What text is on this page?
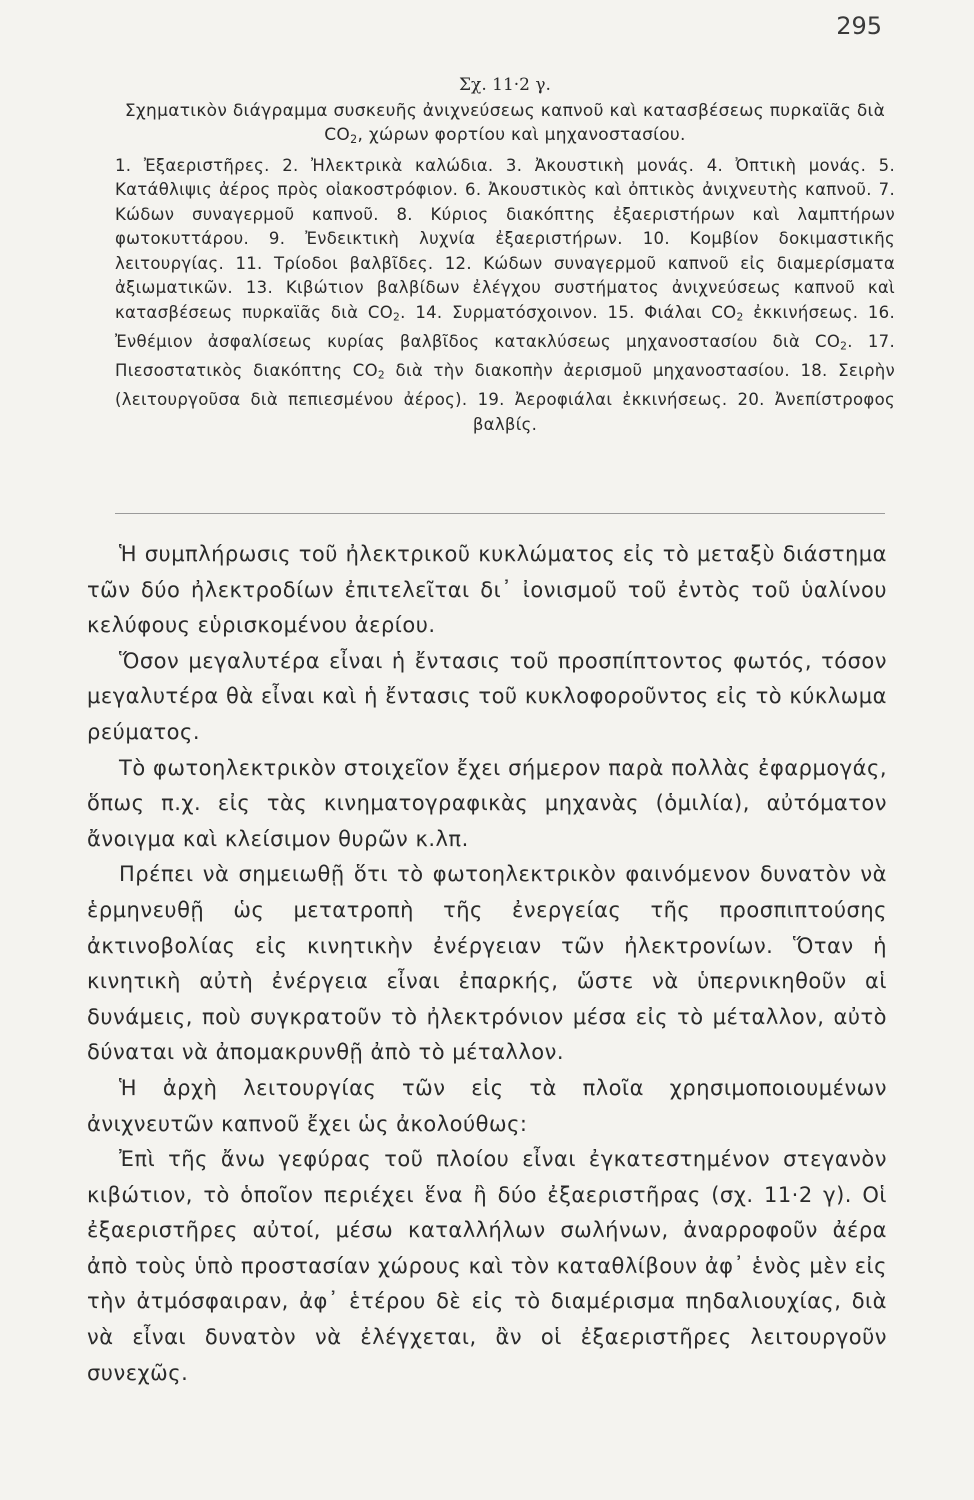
295
Σχ. 11·2 γ.
Σχηματικὸν διάγραμμα συσκευῆς ἀνιχνεύσεως καπνοῦ καὶ κατασβέσεως πυρκαϊᾶς διὰ $CO_2$, χώρων φορτίου καὶ μηχανοστασίου.
1. Ἐξαεριστῆρες. 2. Ἠλεκτρικὰ καλώδια. 3. Ἀκουστικὴ μονάς. 4. Ὀπτικὴ μονάς. 5. Κατάθλιψις ἀέρος πρὸς οἰακοστρόφιον. 6. Ἀκουστικὸς καὶ ὀπτικὸς ἀνιχνευτὴς καπνοῦ. 7. Κώδων συναγερμοῦ καπνοῦ. 8. Κύριος διακόπτης ἐξαεριστήρων καὶ λαμπτήρων φωτοκυττάρου. 9. Ἐνδεικτικὴ λυχνία ἐξαεριστήρων. 10. Κομβίον δοκιμαστικῆς λειτουργίας. 11. Τρίοδοι βαλβῖδες. 12. Κώδων συναγερμοῦ καπνοῦ εἰς διαμερίσματα ἀξιωματικῶν. 13. Κιβώτιον βαλβίδων ἐλέγχου συστήματος ἀνιχνεύσεως καπνοῦ καὶ κατασβέσεως πυρκαϊᾶς διὰ $CO_2$. 14. Συρματόσχοινον. 15. Φιάλαι $CO_2$ ἐκκινήσεως. 16. Ἐνθέμιον ἀσφαλίσεως κυρίας βαλβῖδος κατακλύσεως μηχανοστασίου διὰ $CO_2$. 17. Πιεσοστατικὸς διακόπτης $CO_2$ διὰ τὴν διακοπὴν ἀερισμοῦ μηχανοστασίου. 18. Σειρὴν (λειτουργοῦσα διὰ πεπιεσμένου ἀέρος). 19. Ἀεροφιάλαι ἐκκινήσεως. 20. Ἀνεπίστροφος βαλβίς.

Ἡ συμπλήρωσις τοῦ ἠλεκτρικοῦ κυκλώματος εἰς τὸ μεταξὺ διάστημα τῶν δύο ἠλεκτροδίων ἐπιτελεῖται δι᾽ ἰονισμοῦ τοῦ ἐντὸς τοῦ ὑαλίνου κελύφους εὑρισκομένου ἀερίου.

Ὅσον μεγαλυτέρα εἶναι ἡ ἔντασις τοῦ προσπίπτοντος φωτός, τόσον μεγαλυτέρα θὰ εἶναι καὶ ἡ ἔντασις τοῦ κυκλοφοροῦντος εἰς τὸ κύκλωμα ρεύματος.

Τὸ φωτοηλεκτρικὸν στοιχεῖον ἔχει σήμερον παρὰ πολλὰς ἐφαρμογάς, ὅπως π.χ. εἰς τὰς κινηματογραφικὰς μηχανὰς (ὁμιλία), αὐτόματον ἄνοιγμα καὶ κλείσιμον θυρῶν κ.λπ.

Πρέπει νὰ σημειωθῇ ὅτι τὸ φωτοηλεκτρικὸν φαινόμενον δυνατὸν νὰ ἑρμηνευθῇ ὡς μετατροπὴ τῆς ἐνεργείας τῆς προσπιπτούσης ἀκτινοβολίας εἰς κινητικὴν ἐνέργειαν τῶν ἠλεκτρονίων. Ὅταν ἡ κινητικὴ αὐτὴ ἐνέργεια εἶναι ἐπαρκής, ὥστε νὰ ὑπερνικηθοῦν αἱ δυνάμεις, ποὺ συγκρατοῦν τὸ ἠλεκτρόνιον μέσα εἰς τὸ μέταλλον, αὐτὸ δύναται νὰ ἀπομακρυνθῇ ἀπὸ τὸ μέταλλον.

Ἡ ἀρχὴ λειτουργίας τῶν εἰς τὰ πλοῖα χρησιμοποιουμένων ἀνιχνευτῶν καπνοῦ ἔχει ὡς ἀκολούθως:

Ἐπὶ τῆς ἄνω γεφύρας τοῦ πλοίου εἶναι ἐγκατεστημένον στεγανὸν κιβώτιον, τὸ ὁποῖον περιέχει ἕνα ἢ δύο ἐξαεριστῆρας (σχ. 11·2 γ). Οἱ ἐξαεριστῆρες αὐτοί, μέσω καταλλήλων σωλήνων, ἀναρροφοῦν ἀέρα ἀπὸ τοὺς ὑπὸ προστασίαν χώρους καὶ τὸν καταθλίβουν ἀφ᾽ ἑνὸς μὲν εἰς τὴν ἀτμόσφαιραν, ἀφ᾽ ἑτέρου δὲ εἰς τὸ διαμέρισμα πηδαλιουχίας, διὰ νὰ εἶναι δυνατὸν νὰ ἐλέγχεται, ἂν οἱ ἐξαεριστῆρες λειτουργοῦν συνεχῶς.
